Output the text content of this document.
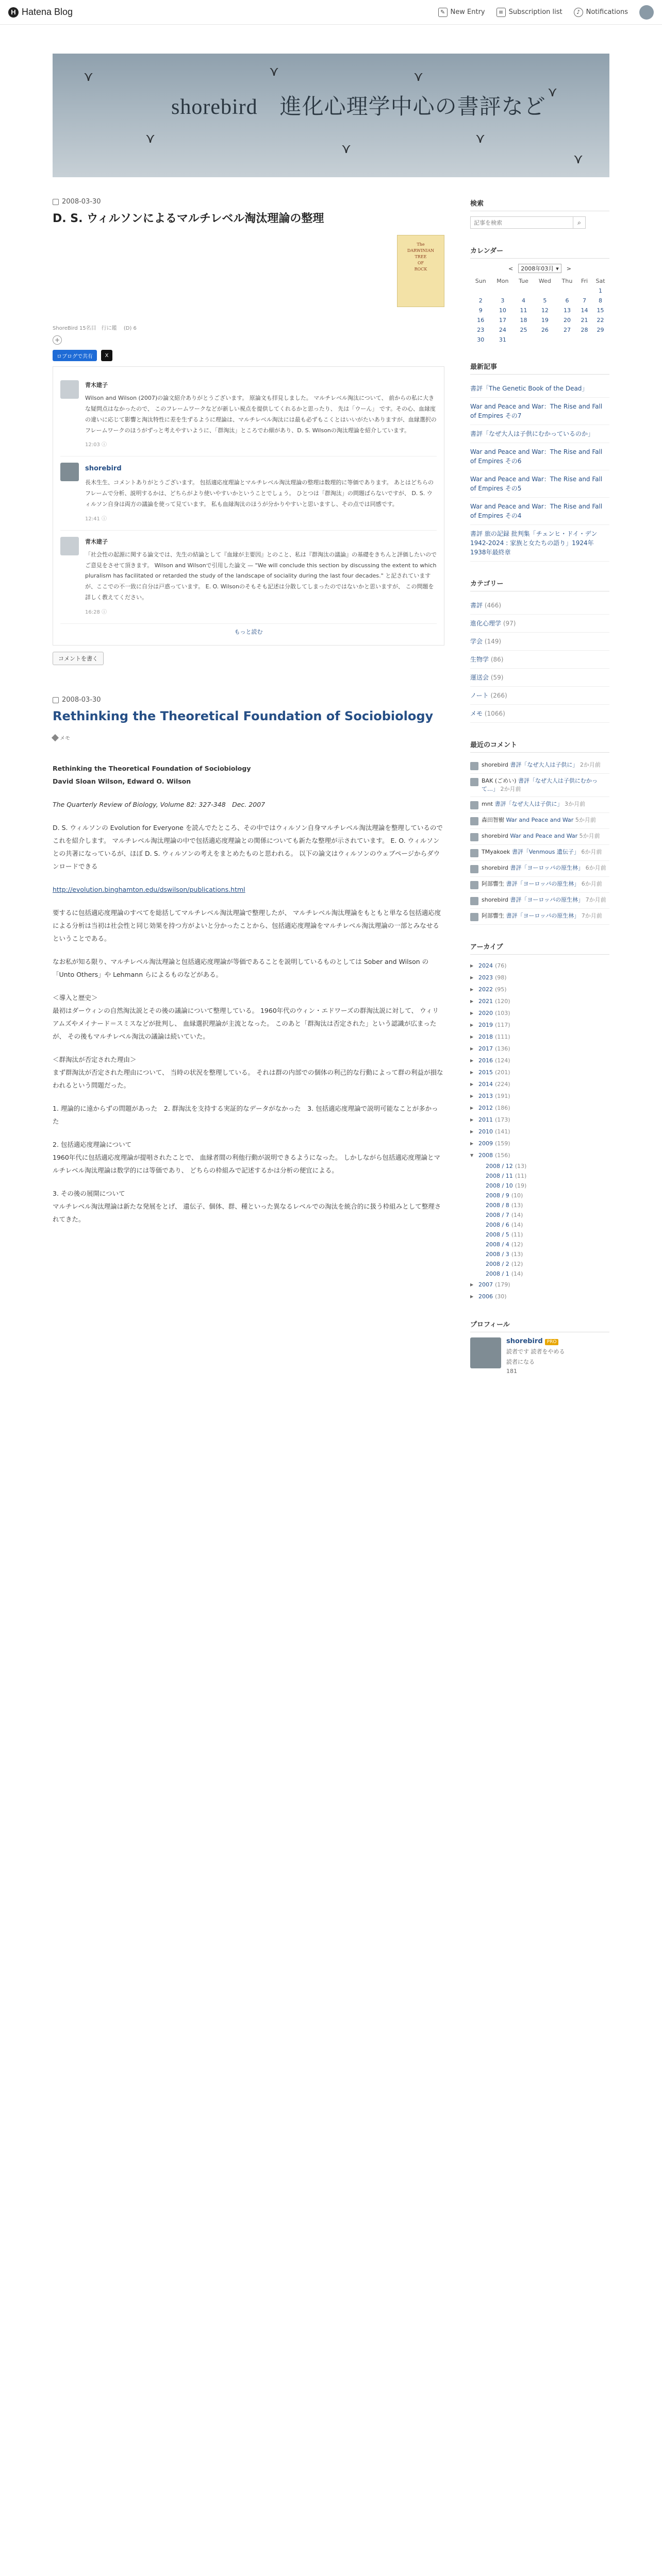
H Hatena Blog	✎ New Entry	≡ Subscription list	♪ Notifications
⋎
⋎
⋎
⋎
⋎
⋎
⋎
⋎
shorebird　進化心理学中心の書評など
2008-03-30
D. S. ウィルソンによるマルチレベル淘汰理論の整理
The
DARWINIAN
TREE
OF
ROCK
ShoreBird 15名目　行に鑑 　(D) 6
+
ロブログで共有	X
青木建子

Wilson and Wilson (2007)の論文紹介ありがとうございます。 原論文も拝見しました。 マルチレベル淘汰について、 前からの私に大きな疑問点はなかったので、 このフレームワークなどが新しい視点を提供してくれるかと思ったり、 先は「ウーん」 です。その心、血縁度の違いに応じて影響と淘汰特性に差を生ずるように理論は、マルチレベル淘汰には最も必ずもこくとはいいがたいありますが、血縁選択のフレームワークのほうがずっと考えやすいように、「群淘汰」ところでわ細があり、D. S. Wilsonの淘汰理論を紹介しています。

12:03 ⓘ
shorebird

長木生生、コメントありがとうございます。 包括適応度理論とマルチレベル淘汰理論の整理は数理的に等価であります。 あとはどちらのフレームで分析、説明するかは、どちらがより使いやすいかということでしょう。 ひとつは「群淘汰」の問題ばらないですが、 D. S. ウィルソン自身は両方の議論を使って見ています。 私も血縁淘汰のほうが分かりやすいと思いますし、その点では同感です。

12:41 ⓘ
青木建子

「社会性の起源に関する論文では、先生の結論として『血縁が主要因』とのこと、私は『群淘汰の議論』の基礎をきちんと評価したいのでご意見をさせて頂きます。 Wilson and Wilsonで引用した論文 — "We will conclude this section by discussing the extent to which pluralism has facilitated or retarded the study of the landscape of sociality during the last four decades." と記されていますが、ここでの不一致に自分は戸惑っています。 E. O. Wilsonのそもそも記述は分散してしまったのではないかと思いますが、 この問題を詳しく教えてください。

16:28 ⓘ
もっと読む
コメントを書く
2008-03-30
Rethinking the Theoretical Foundation of Sociobiology
メモ

Rethinking the Theoretical Foundation of Sociobiology
David Sloan Wilson, Edward O. Wilson

The Quarterly Review of Biology, Volume 82: 327-348　Dec. 2007

D. S. ウィルソンの Evolution for Everyone を読んでたところ、その中ではウィルソン自身マルチレベル淘汰理論を整理しているのでこれを紹介します。 マルチレベル淘汰理論の中で包括適応度理論との関係についても新たな整理が示されています。 E. O. ウィルソンとの共著になっているが、ほぼ D. S. ウィルソンの考えをまとめたものと思われる。 以下の論文はウィルソンのウェブページからダウンロードできる

http://evolution.binghamton.edu/dswilson/publications.html

要するに包括適応度理論のすべてを総括してマルチレベル淘汰理論で整理したが、 マルチレベル淘汰理論をもともと単なる包括適応度による分析は当初は社会性と同じ効果を持つ方がよいと分かったことから、包括適応度理論をマルチレベル淘汰理論の一部とみなせるということである。

なお私が知る限り、マルチレベル淘汰理論と包括適応度理論が等価であることを説明しているものとしては Sober and Wilson の「Unto Others」や Lehmann らによるものなどがある。

＜導入と歴史＞
最初はダーウィンの自然淘汰説とその後の議論について整理している。 1960年代のウィン・エドワーズの群淘汰説に対して、 ウィリアムズやメイナード＝スミスなどが批判し、 血縁選択理論が主流となった。 このあと「群淘汰は否定された」という認識が広まったが、 その後もマルチレベル淘汰の議論は続いていた。

＜群淘汰が否定された理由＞
まず群淘汰が否定された理由について、 当時の状況を整理している。 それは群の内部での個体の利己的な行動によって群の利益が損なわれるという問題だった。

1. 理論的に遠からずの問題があった　2. 群淘汰を支持する実証的なデータがなかった　3. 包括適応度理論で説明可能なことが多かった

2. 包括適応度理論について
1960年代に包括適応度理論が提唱されたことで、 血縁者間の利他行動が説明できるようになった。 しかしながら包括適応度理論とマルチレベル淘汰理論は数学的には等価であり、 どちらの枠組みで記述するかは分析の便宜による。

3. その後の展開について
マルチレベル淘汰理論は新たな発展をとげ、 遺伝子、個体、群、種といった異なるレベルでの淘汰を統合的に扱う枠組みとして整理されてきた。

検索
記事を検索
⌕
カレンダー
< 2008年03月 ▾ >
Sun	Mon	Tue	Wed	Thu	Fri	Sat
						1
2	3	4	5	6	7	8
9	10	11	12	13	14	15
16	17	18	19	20	21	22
23	24	25	26	27	28	29
30	31					
最新記事
書評「The Genetic Book of the Dead」
War and Peace and War：The Rise and Fall of Empires その7
書評「なぜ大人は子供にむかっているのか」
War and Peace and War：The Rise and Fall of Empires その6
War and Peace and War：The Rise and Fall of Empires その5
War and Peace and War：The Rise and Fall of Empires その4
書評 旅の記録 批判集「チェンヒ・ドイ・デン 1942-2024 : 家族と女たちの語り」1924年1938年最終章
カテゴリー
書評 (466)
進化心理学 (97)
学会 (149)
生物学 (86)
運送会 (59)
ノート (266)
メモ (1066)
最近のコメント
shorebird 書評「なぜ大人は子供に」 2か月前
BAK (ごめい) 書評「なぜ大人は子供にむかって…」 2か月前
mnt 書評「なぜ大人は子供に」 3か月前
森田智樹 War and Peace and War 5か月前
shorebird War and Peace and War 5か月前
TMyakoek 書評「Venmous 遺伝子」 6か月前
shorebird 書評「ヨーロッパの原生林」 6か月前
阿部響生 書評「ヨーロッパの原生林」 6か月前
shorebird 書評「ヨーロッパの原生林」 7か月前
阿部響生 書評「ヨーロッパの原生林」 7か月前
アーカイブ
▶ 2024 (76)
▶ 2023 (98)
▶ 2022 (95)
▶ 2021 (120)
▶ 2020 (103)
▶ 2019 (117)
▶ 2018 (111)
▶ 2017 (136)
▶ 2016 (124)
▶ 2015 (201)
▶ 2014 (224)
▶ 2013 (191)
▶ 2012 (186)
▶ 2011 (173)
▶ 2010 (141)
▶ 2009 (159)
▼ 2008 (156)
2008 / 12 (13)
2008 / 11 (11)
2008 / 10 (19)
2008 / 9 (10)
2008 / 8 (13)
2008 / 7 (14)
2008 / 6 (14)
2008 / 5 (11)
2008 / 4 (12)
2008 / 3 (13)
2008 / 2 (12)
2008 / 1 (14)
▶ 2007 (179)
▶ 2006 (30)
プロフィール
shorebird PRO
読者です 読者をやめる
読者になる
181
